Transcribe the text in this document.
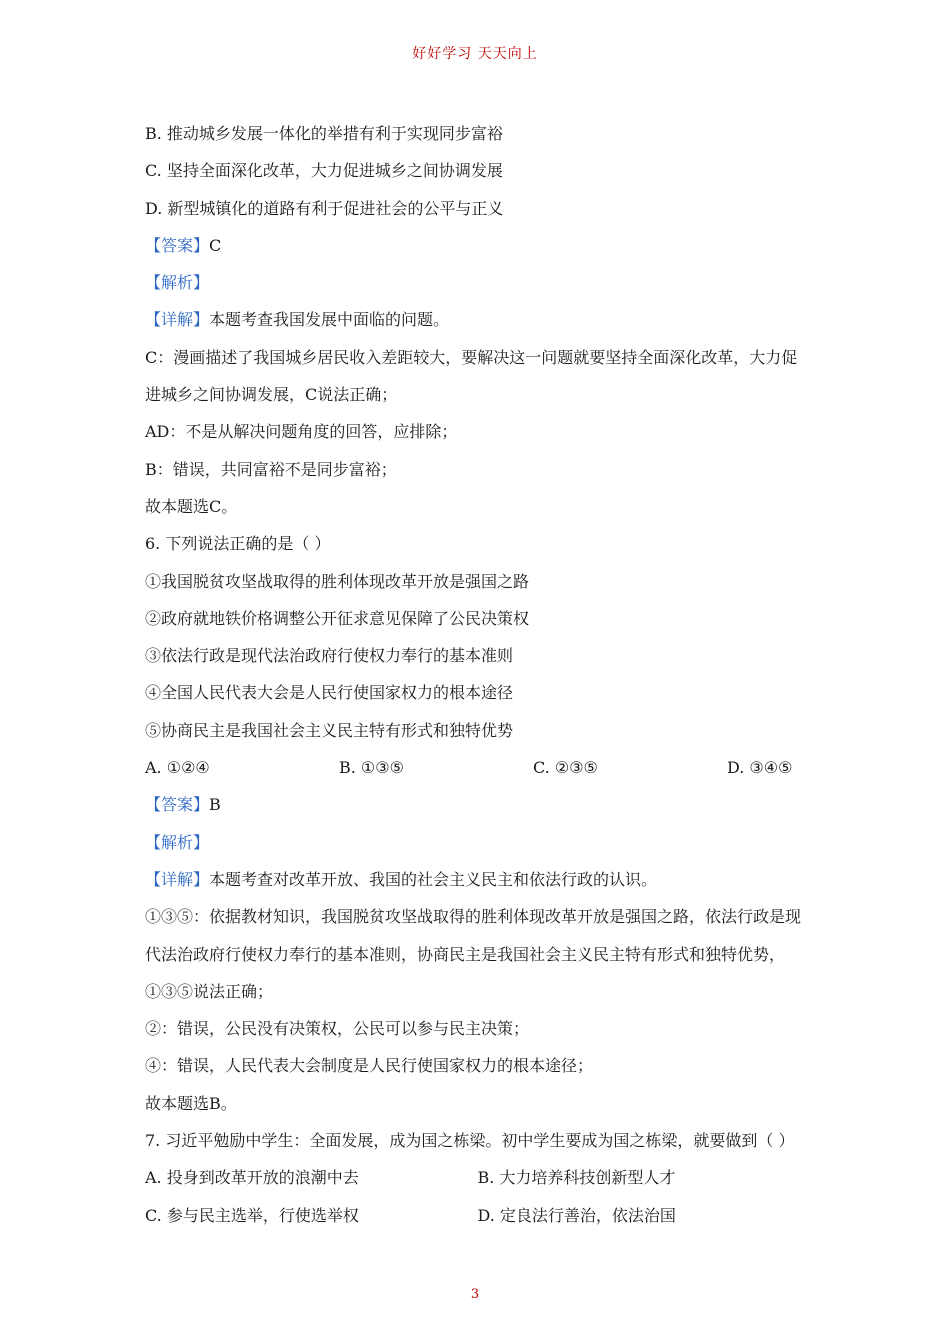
好好学习 天天向上
B. 推动城乡发展一体化的举措有利于实现同步富裕
C. 坚持全面深化改革，大力促进城乡之间协调发展
D. 新型城镇化的道路有利于促进社会的公平与正义
【答案】C
【解析】
【详解】本题考查我国发展中面临的问题。
C：漫画描述了我国城乡居民收入差距较大，要解决这一问题就要坚持全面深化改革，大力促进城乡之间协调发展，C说法正确；
AD：不是从解决问题角度的回答，应排除；
B：错误，共同富裕不是同步富裕；
故本题选C。
6. 下列说法正确的是（ ）
①我国脱贫攻坚战取得的胜利体现改革开放是强国之路
②政府就地铁价格调整公开征求意见保障了公民决策权
③依法行政是现代法治政府行使权力奉行的基本准则
④全国人民代表大会是人民行使国家权力的根本途径
⑤协商民主是我国社会主义民主特有形式和独特优势
A. ①②④	B. ①③⑤	C. ②③⑤	D. ③④⑤
【答案】B
【解析】
【详解】本题考查对改革开放、我国的社会主义民主和依法行政的认识。
①③⑤：依据教材知识，我国脱贫攻坚战取得的胜利体现改革开放是强国之路，依法行政是现代法治政府行使权力奉行的基本准则，协商民主是我国社会主义民主特有形式和独特优势，①③⑤说法正确；
②：错误，公民没有决策权，公民可以参与民主决策；
④：错误，人民代表大会制度是人民行使国家权力的根本途径；
故本题选B。
7. 习近平勉励中学生：全面发展，成为国之栋梁。初中学生要成为国之栋梁，就要做到（ ）
A. 投身到改革开放的浪潮中去	B. 大力培养科技创新型人才
C. 参与民主选举，行使选举权	D. 定良法行善治，依法治国
3
